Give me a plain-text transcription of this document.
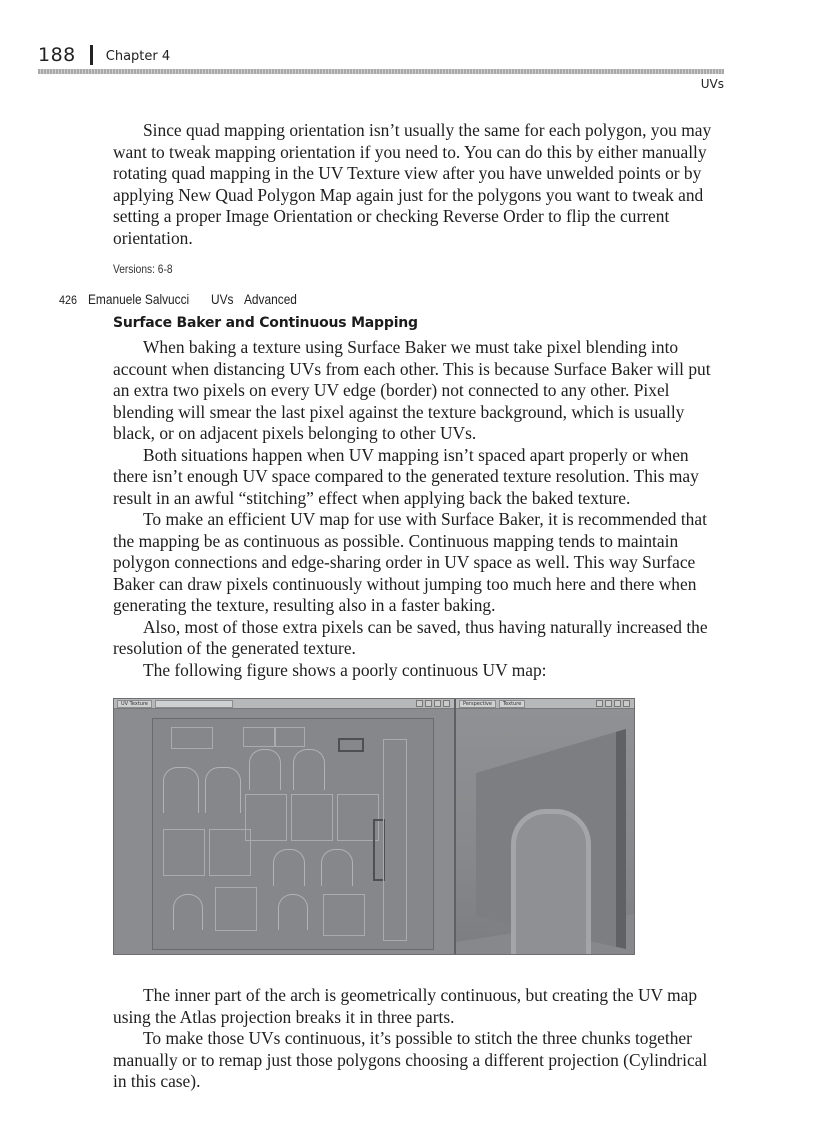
188 Chapter 4
UVs

Since quad mapping orientation isn’t usually the same for each polygon, you may want to tweak mapping orientation if you need to. You can do this by either manually rotating quad mapping in the UV Texture view after you have unwelded points or by applying New Quad Polygon Map again just for the polygons you want to tweak and setting a proper Image Orientation or checking Reverse Order to flip the current orientation.

Versions: 6-8
426 Emanuele Salvucci UVs Advanced
Surface Baker and Continuous Mapping

When baking a texture using Surface Baker we must take pixel blending into account when distancing UVs from each other. This is because Surface Baker will put an extra two pixels on every UV edge (border) not connected to any other. Pixel blending will smear the last pixel against the texture background, which is usually black, or on adjacent pixels belonging to other UVs.

Both situations happen when UV mapping isn’t spaced apart properly or when there isn’t enough UV space compared to the generated texture resolution. This may result in an awful “stitching” effect when applying back the baked texture.

To make an efficient UV map for use with Surface Baker, it is recommended that the mapping be as continuous as possible. Continuous mapping tends to maintain polygon connections and edge-sharing order in UV space as well. This way Surface Baker can draw pixels continuously without jumping too much here and there when generating the texture, resulting also in a faster baking.

Also, most of those extra pixels can be saved, thus having naturally increased the resolution of the generated texture.

The following figure shows a poorly continuous UV map:

UV Texture	Perspective	Texture

The inner part of the arch is geometrically continuous, but creating the UV map using the Atlas projection breaks it in three parts.

To make those UVs continuous, it’s possible to stitch the three chunks together manually or to remap just those polygons choosing a different projection (Cylindrical in this case).
